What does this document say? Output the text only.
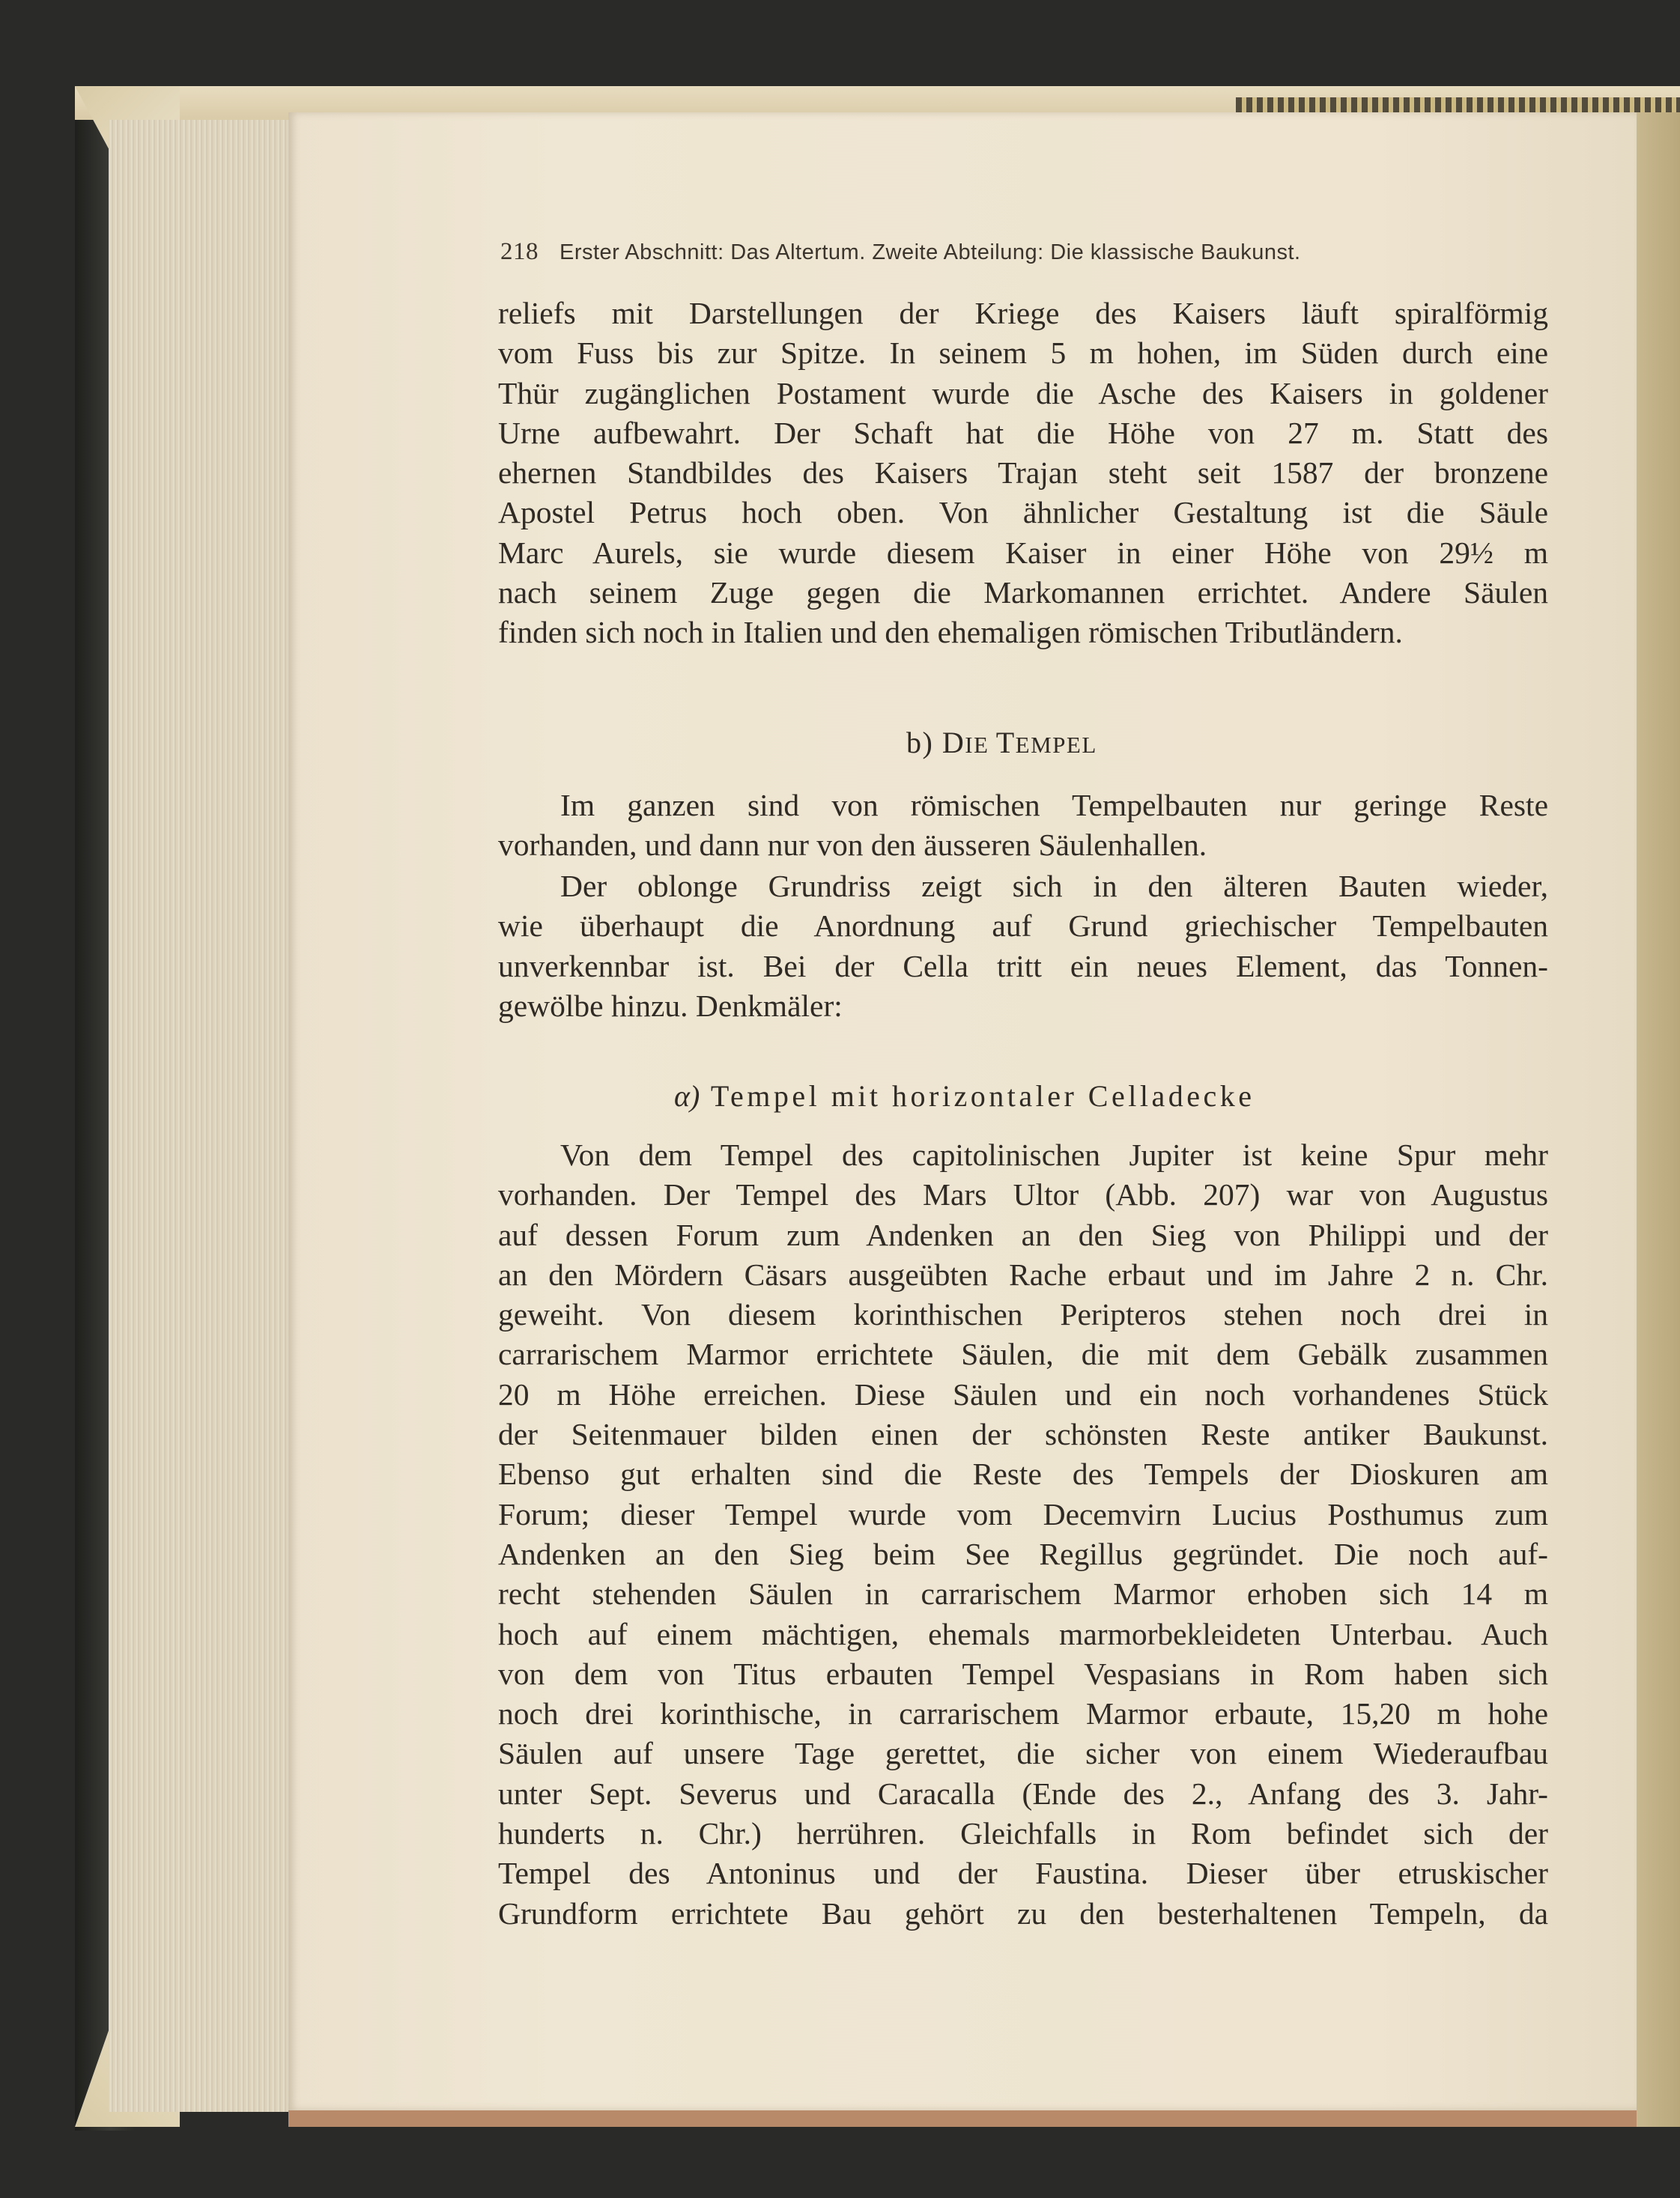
218 Erster Abschnitt: Das Altertum. Zweite Abteilung: Die klassische Baukunst.
reliefs mit Darstellungen der Kriege des Kaisers läuft spiralförmig
vom Fuss bis zur Spitze. In seinem 5 m hohen, im Süden durch eine
Thür zugänglichen Postament wurde die Asche des Kaisers in goldener
Urne aufbewahrt. Der Schaft hat die Höhe von 27 m. Statt des
ehernen Standbildes des Kaisers Trajan steht seit 1587 der bronzene
Apostel Petrus hoch oben. Von ähnlicher Gestaltung ist die Säule
Marc Aurels, sie wurde diesem Kaiser in einer Höhe von 29½ m
nach seinem Zuge gegen die Markomannen errichtet. Andere Säulen
finden sich noch in Italien und den ehemaligen römischen Tributländern.
b) DIE TEMPEL
Im ganzen sind von römischen Tempelbauten nur geringe Reste
vorhanden, und dann nur von den äusseren Säulenhallen.
Der oblonge Grundriss zeigt sich in den älteren Bauten wieder,
wie überhaupt die Anordnung auf Grund griechischer Tempelbauten
unverkennbar ist. Bei der Cella tritt ein neues Element, das Tonnen-
gewölbe hinzu. Denkmäler:
α) Tempel mit horizontaler Celladecke
Von dem Tempel des capitolinischen Jupiter ist keine Spur mehr
vorhanden. Der Tempel des Mars Ultor (Abb. 207) war von Augustus
auf dessen Forum zum Andenken an den Sieg von Philippi und der
an den Mördern Cäsars ausgeübten Rache erbaut und im Jahre 2 n. Chr.
geweiht. Von diesem korinthischen Peripteros stehen noch drei in
carrarischem Marmor errichtete Säulen, die mit dem Gebälk zusammen
20 m Höhe erreichen. Diese Säulen und ein noch vorhandenes Stück
der Seitenmauer bilden einen der schönsten Reste antiker Baukunst.
Ebenso gut erhalten sind die Reste des Tempels der Dioskuren am
Forum; dieser Tempel wurde vom Decemvirn Lucius Posthumus zum
Andenken an den Sieg beim See Regillus gegründet. Die noch auf-
recht stehenden Säulen in carrarischem Marmor erhoben sich 14 m
hoch auf einem mächtigen, ehemals marmorbekleideten Unterbau. Auch
von dem von Titus erbauten Tempel Vespasians in Rom haben sich
noch drei korinthische, in carrarischem Marmor erbaute, 15,20 m hohe
Säulen auf unsere Tage gerettet, die sicher von einem Wiederaufbau
unter Sept. Severus und Caracalla (Ende des 2., Anfang des 3. Jahr-
hunderts n. Chr.) herrühren. Gleichfalls in Rom befindet sich der
Tempel des Antoninus und der Faustina. Dieser über etruskischer
Grundform errichtete Bau gehört zu den besterhaltenen Tempeln, da
